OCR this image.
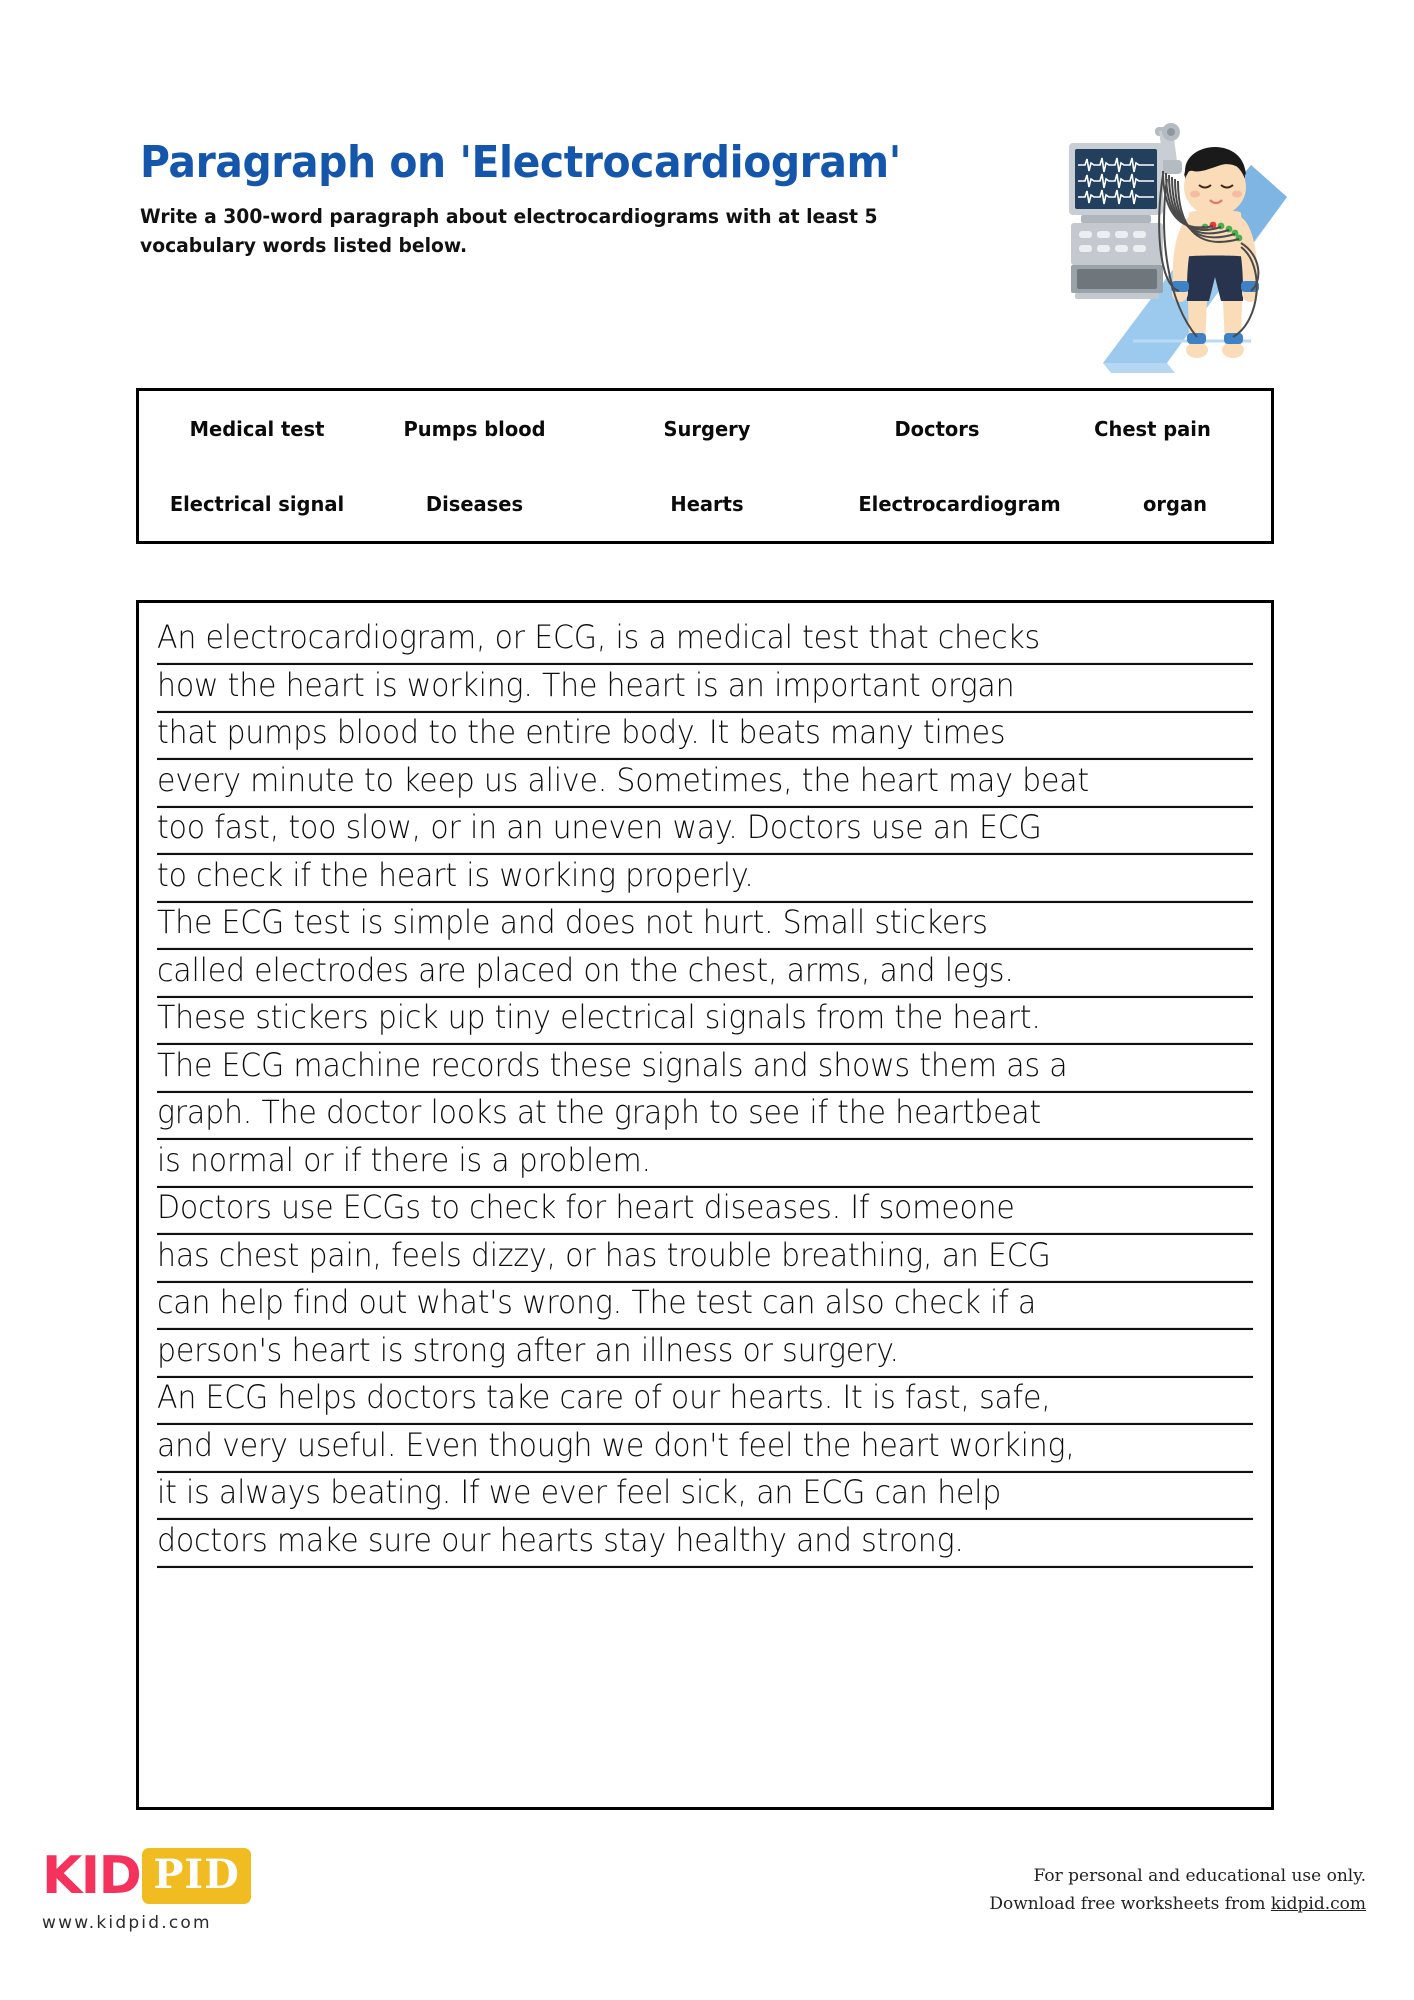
Paragraph on 'Electrocardiogram'
Write a 300-word paragraph about electrocardiograms with at least 5 vocabulary words listed below.
Medical test	Pumps blood	Surgery	Doctors	Chest pain
Electrical signal	Diseases	Hearts	Electrocardiogram	organ
An electrocardiogram, or ECG, is a medical test that checks
how the heart is working. The heart is an important organ
that pumps blood to the entire body. It beats many times
every minute to keep us alive. Sometimes, the heart may beat
too fast, too slow, or in an uneven way. Doctors use an ECG
to check if the heart is working properly.
The ECG test is simple and does not hurt. Small stickers
called electrodes are placed on the chest, arms, and legs.
These stickers pick up tiny electrical signals from the heart.
The ECG machine records these signals and shows them as a
graph. The doctor looks at the graph to see if the heartbeat
is normal or if there is a problem.
Doctors use ECGs to check for heart diseases. If someone
has chest pain, feels dizzy, or has trouble breathing, an ECG
can help find out what's wrong. The test can also check if a
person's heart is strong after an illness or surgery.
An ECG helps doctors take care of our hearts. It is fast, safe,
and very useful. Even though we don't feel the heart working,
it is always beating. If we ever feel sick, an ECG can help
doctors make sure our hearts stay healthy and strong.
KID PID
www.kidpid.com
For personal and educational use only.
Download free worksheets from kidpid.com
